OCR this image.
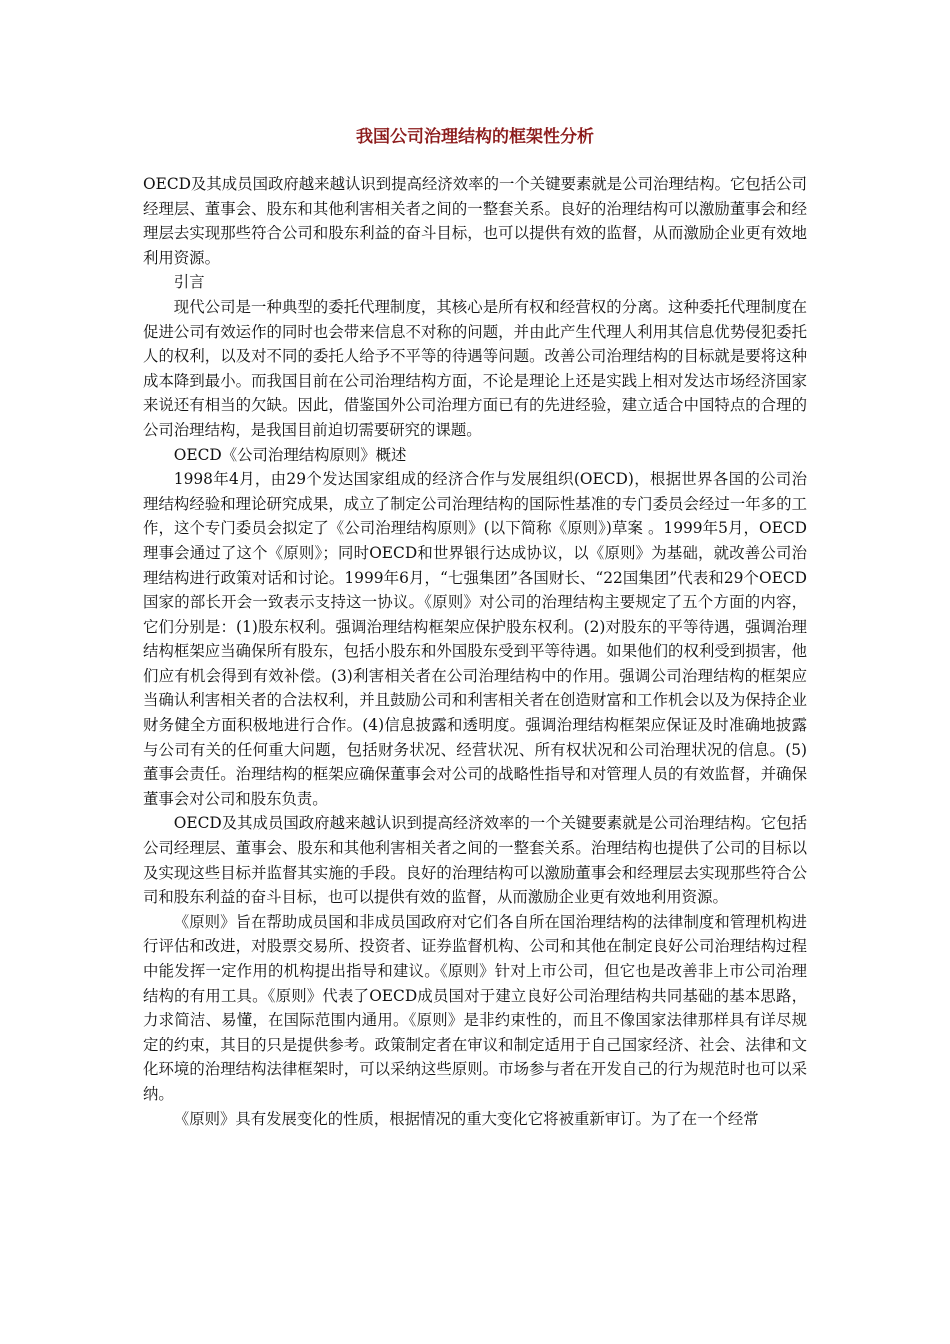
我国公司治理结构的框架性分析

OECD及其成员国政府越来越认识到提高经济效率的一个关键要素就是公司治理结构。它包括公司经理层、董事会、股东和其他利害相关者之间的一整套关系。良好的治理结构可以激励董事会和经理层去实现那些符合公司和股东利益的奋斗目标，也可以提供有效的监督，从而激励企业更有效地利用资源。

引言

现代公司是一种典型的委托代理制度，其核心是所有权和经营权的分离。这种委托代理制度在促进公司有效运作的同时也会带来信息不对称的问题，并由此产生代理人利用其信息优势侵犯委托人的权利，以及对不同的委托人给予不平等的待遇等问题。改善公司治理结构的目标就是要将这种成本降到最小。而我国目前在公司治理结构方面，不论是理论上还是实践上相对发达市场经济国家来说还有相当的欠缺。因此，借鉴国外公司治理方面已有的先进经验，建立适合中国特点的合理的公司治理结构，是我国目前迫切需要研究的课题。

OECD《公司治理结构原则》概述

1998年4月，由29个发达国家组成的经济合作与发展组织(OECD)，根据世界各国的公司治理结构经验和理论研究成果，成立了制定公司治理结构的国际性基准的专门委员会经过一年多的工作，这个专门委员会拟定了《公司治理结构原则》(以下简称《原则》)草案 。1999年5月，OECD理事会通过了这个《原则》；同时OECD和世界银行达成协议，以《原则》为基础，就改善公司治理结构进行政策对话和讨论。1999年6月，“七强集团”各国财长、“22国集团”代表和29个OECD国家的部长开会一致表示支持这一协议。《原则》对公司的治理结构主要规定了五个方面的内容，它们分别是：(1)股东权利。强调治理结构框架应保护股东权利。(2)对股东的平等待遇，强调治理结构框架应当确保所有股东，包括小股东和外国股东受到平等待遇。如果他们的权利受到损害，他们应有机会得到有效补偿。(3)利害相关者在公司治理结构中的作用。强调公司治理结构的框架应当确认利害相关者的合法权利，并且鼓励公司和利害相关者在创造财富和工作机会以及为保持企业财务健全方面积极地进行合作。(4)信息披露和透明度。强调治理结构框架应保证及时准确地披露与公司有关的任何重大问题，包括财务状况、经营状况、所有权状况和公司治理状况的信息。(5)董事会责任。治理结构的框架应确保董事会对公司的战略性指导和对管理人员的有效监督，并确保董事会对公司和股东负责。

OECD及其成员国政府越来越认识到提高经济效率的一个关键要素就是公司治理结构。它包括公司经理层、董事会、股东和其他利害相关者之间的一整套关系。治理结构也提供了公司的目标以及实现这些目标并监督其实施的手段。良好的治理结构可以激励董事会和经理层去实现那些符合公司和股东利益的奋斗目标，也可以提供有效的监督，从而激励企业更有效地利用资源。

《原则》旨在帮助成员国和非成员国政府对它们各自所在国治理结构的法律制度和管理机构进行评估和改进，对股票交易所、投资者、证券监督机构、公司和其他在制定良好公司治理结构过程中能发挥一定作用的机构提出指导和建议。《原则》针对上市公司，但它也是改善非上市公司治理结构的有用工具。《原则》代表了OECD成员国对于建立良好公司治理结构共同基础的基本思路，力求简洁、易懂，在国际范围内通用。《原则》是非约束性的，而且不像国家法律那样具有详尽规定的约束，其目的只是提供参考。政策制定者在审议和制定适用于自己国家经济、社会、法律和文化环境的治理结构法律框架时，可以采纳这些原则。市场参与者在开发自己的行为规范时也可以采纳。

《原则》具有发展变化的性质，根据情况的重大变化它将被重新审订。为了在一个经常
